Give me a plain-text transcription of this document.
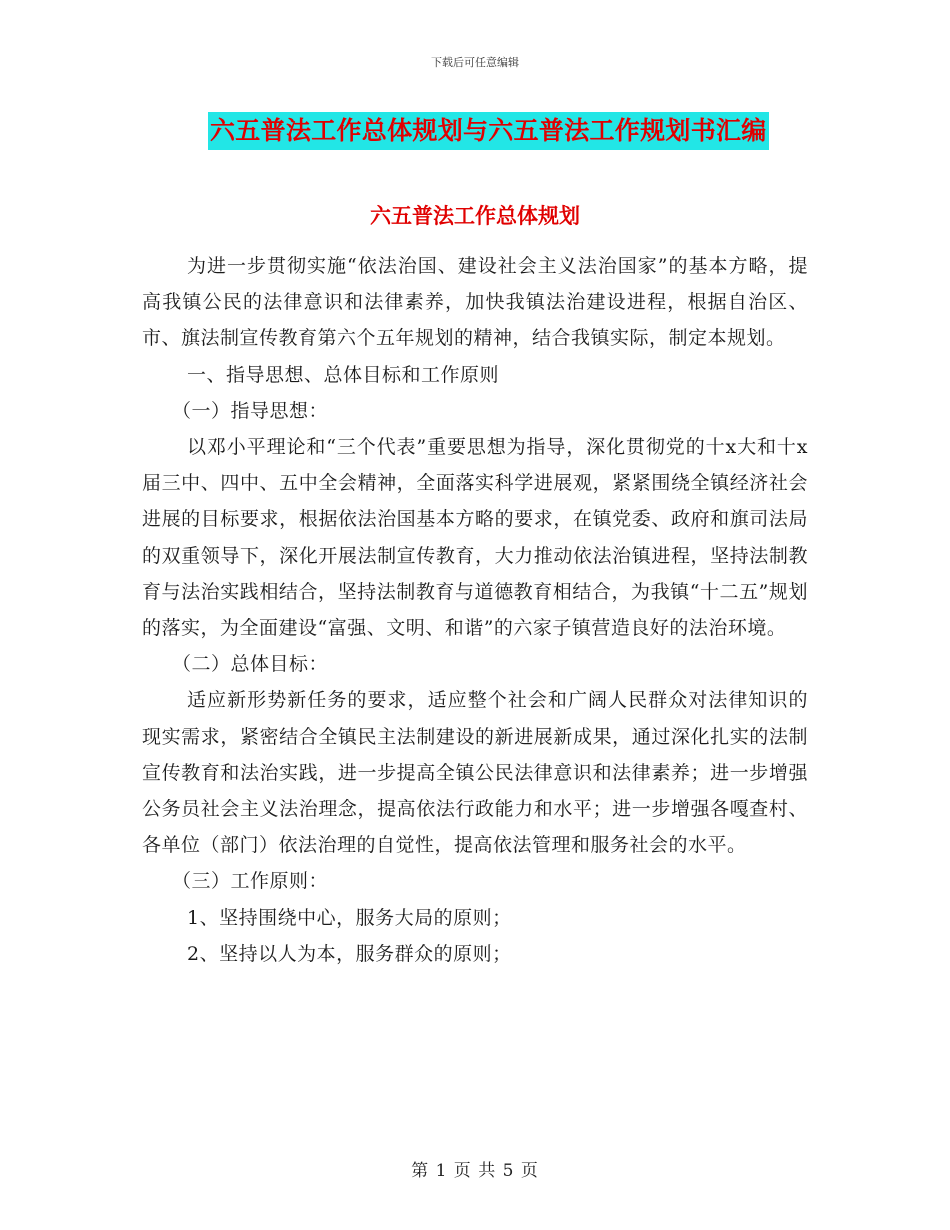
下载后可任意编辑
六五普法工作总体规划与六五普法工作规划书汇编
六五普法工作总体规划

为进一步贯彻实施“依法治国、建设社会主义法治国家”的基本方略，提高我镇公民的法律意识和法律素养，加快我镇法治建设进程，根据自治区、市、旗法制宣传教育第六个五年规划的精神，结合我镇实际，制定本规划。

一、指导思想、总体目标和工作原则

（一）指导思想：

以邓小平理论和“三个代表”重要思想为指导，深化贯彻党的十x大和十x届三中、四中、五中全会精神，全面落实科学进展观，紧紧围绕全镇经济社会进展的目标要求，根据依法治国基本方略的要求，在镇党委、政府和旗司法局的双重领导下，深化开展法制宣传教育，大力推动依法治镇进程，坚持法制教育与法治实践相结合，坚持法制教育与道德教育相结合，为我镇“十二五”规划的落实，为全面建设“富强、文明、和谐”的六家子镇营造良好的法治环境。

（二）总体目标：

适应新形势新任务的要求，适应整个社会和广阔人民群众对法律知识的现实需求，紧密结合全镇民主法制建设的新进展新成果，通过深化扎实的法制宣传教育和法治实践，进一步提高全镇公民法律意识和法律素养；进一步增强公务员社会主义法治理念，提高依法行政能力和水平；进一步增强各嘎查村、各单位（部门）依法治理的自觉性，提高依法管理和服务社会的水平。

（三）工作原则：

1、坚持围绕中心，服务大局的原则；

2、坚持以人为本，服务群众的原则；

第 1 页 共 5 页
